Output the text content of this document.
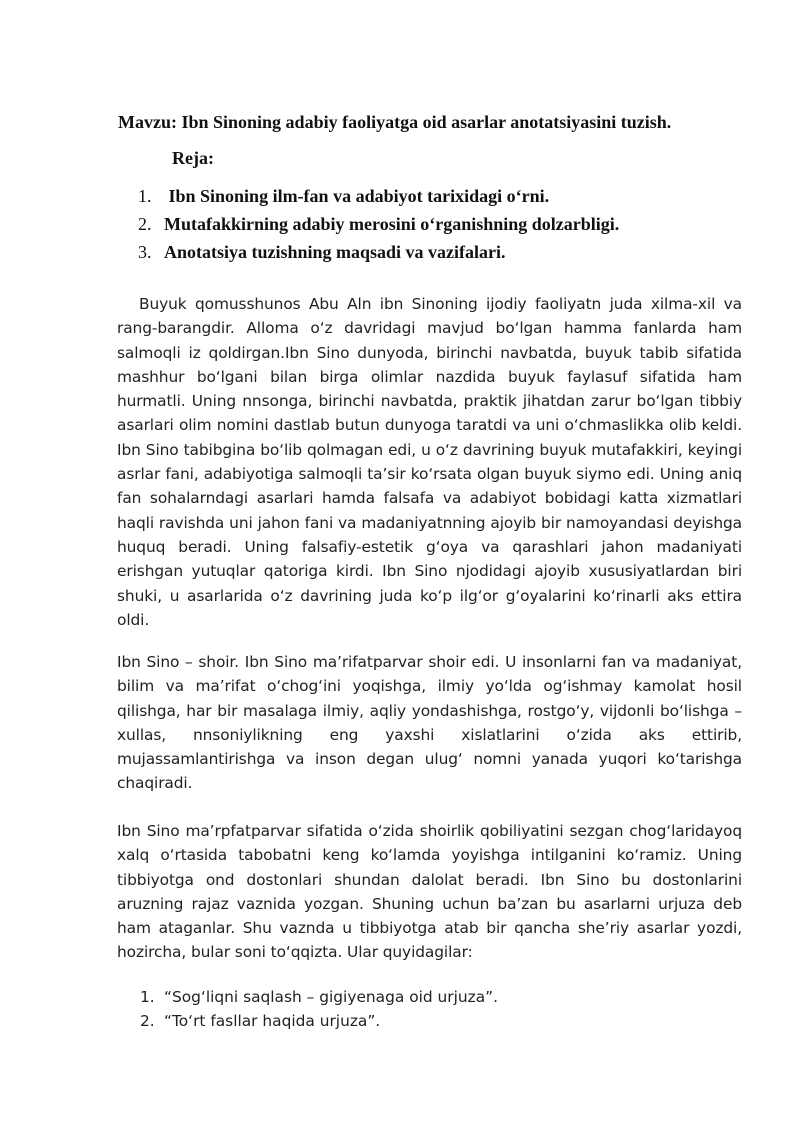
Mavzu: Ibn Sinoning adabiy faoliyatga oid asarlar anotatsiyasini tuzish.

Reja:

1. Ibn Sinoning ilm-fan va adabiyot tarixidagi o‘rni.
2. Mutafakkirning adabiy merosini o‘rganishning dolzarbligi.
3. Anotatsiya tuzishning maqsadi va vazifalari.

Buyuk qomusshunos Abu Aln ibn Sinoning ijodiy faoliyatn juda xilma-xil va rang-barangdir. Alloma o‘z davridagi mavjud bo‘lgan hamma fanlarda ham salmoqli iz qoldirgan.Ibn Sino dunyoda, birinchi navbatda, buyuk tabib sifatida mashhur bo‘lgani bilan birga olimlar nazdida buyuk faylasuf sifatida ham hurmatli. Uning nnsonga, birinchi navbatda, praktik jihatdan zarur bo‘lgan tibbiy asarlari olim nomini dastlab butun dunyoga taratdi va uni o‘chmaslikka olib keldi. Ibn Sino tabibgina bo‘lib qolmagan edi, u o‘z davrining buyuk mutafakkiri, keyingi asrlar fani, adabiyotiga salmoqli ta’sir ko‘rsata olgan buyuk siymo edi. Uning aniq fan sohalarndagi asarlari hamda falsafa va adabiyot bobidagi katta xizmatlari haqli ravishda uni jahon fani va madaniyatnning ajoyib bir namoyandasi deyishga huquq beradi. Uning falsafiy-estetik g‘oya va qarashlari jahon madaniyati erishgan yutuqlar qatoriga kirdi. Ibn Sino njodidagi ajoyib xususiyatlardan biri shuki, u asarlarida o‘z davrining juda ko‘p ilg‘or g‘oyalarini ko‘rinarli aks ettira oldi.

Ibn Sino – shoir. Ibn Sino ma’rifatparvar shoir edi. U insonlarni fan va madaniyat, bilim va ma’rifat o‘chog‘ini yoqishga, ilmiy yo‘lda og‘ishmay kamolat hosil qilishga, har bir masalaga ilmiy, aqliy yondashishga, rostgo‘y, vijdonli bo‘lishga – xullas, nnsoniylikning eng yaxshi xislatlarini o‘zida aks ettirib, mujassamlantirishga va inson degan ulug‘ nomni yanada yuqori ko‘tarishga chaqiradi.

Ibn Sino ma’rpfatparvar sifatida o‘zida shoirlik qobiliyatini sezgan chog‘laridayoq xalq o‘rtasida tabobatni keng ko‘lamda yoyishga intilganini ko‘ramiz. Uning tibbiyotga ond dostonlari shundan dalolat beradi. Ibn Sino bu dostonlarini aruzning rajaz vaznida yozgan. Shuning uchun ba’zan bu asarlarni urjuza deb ham ataganlar. Shu vaznda u tibbiyotga atab bir qancha she’riy asarlar yozdi, hozircha, bular soni to‘qqizta. Ular quyidagilar:

1. “Sog‘liqni saqlash – gigiyenaga oid urjuza”.
2. “To‘rt fasllar haqida urjuza”.
